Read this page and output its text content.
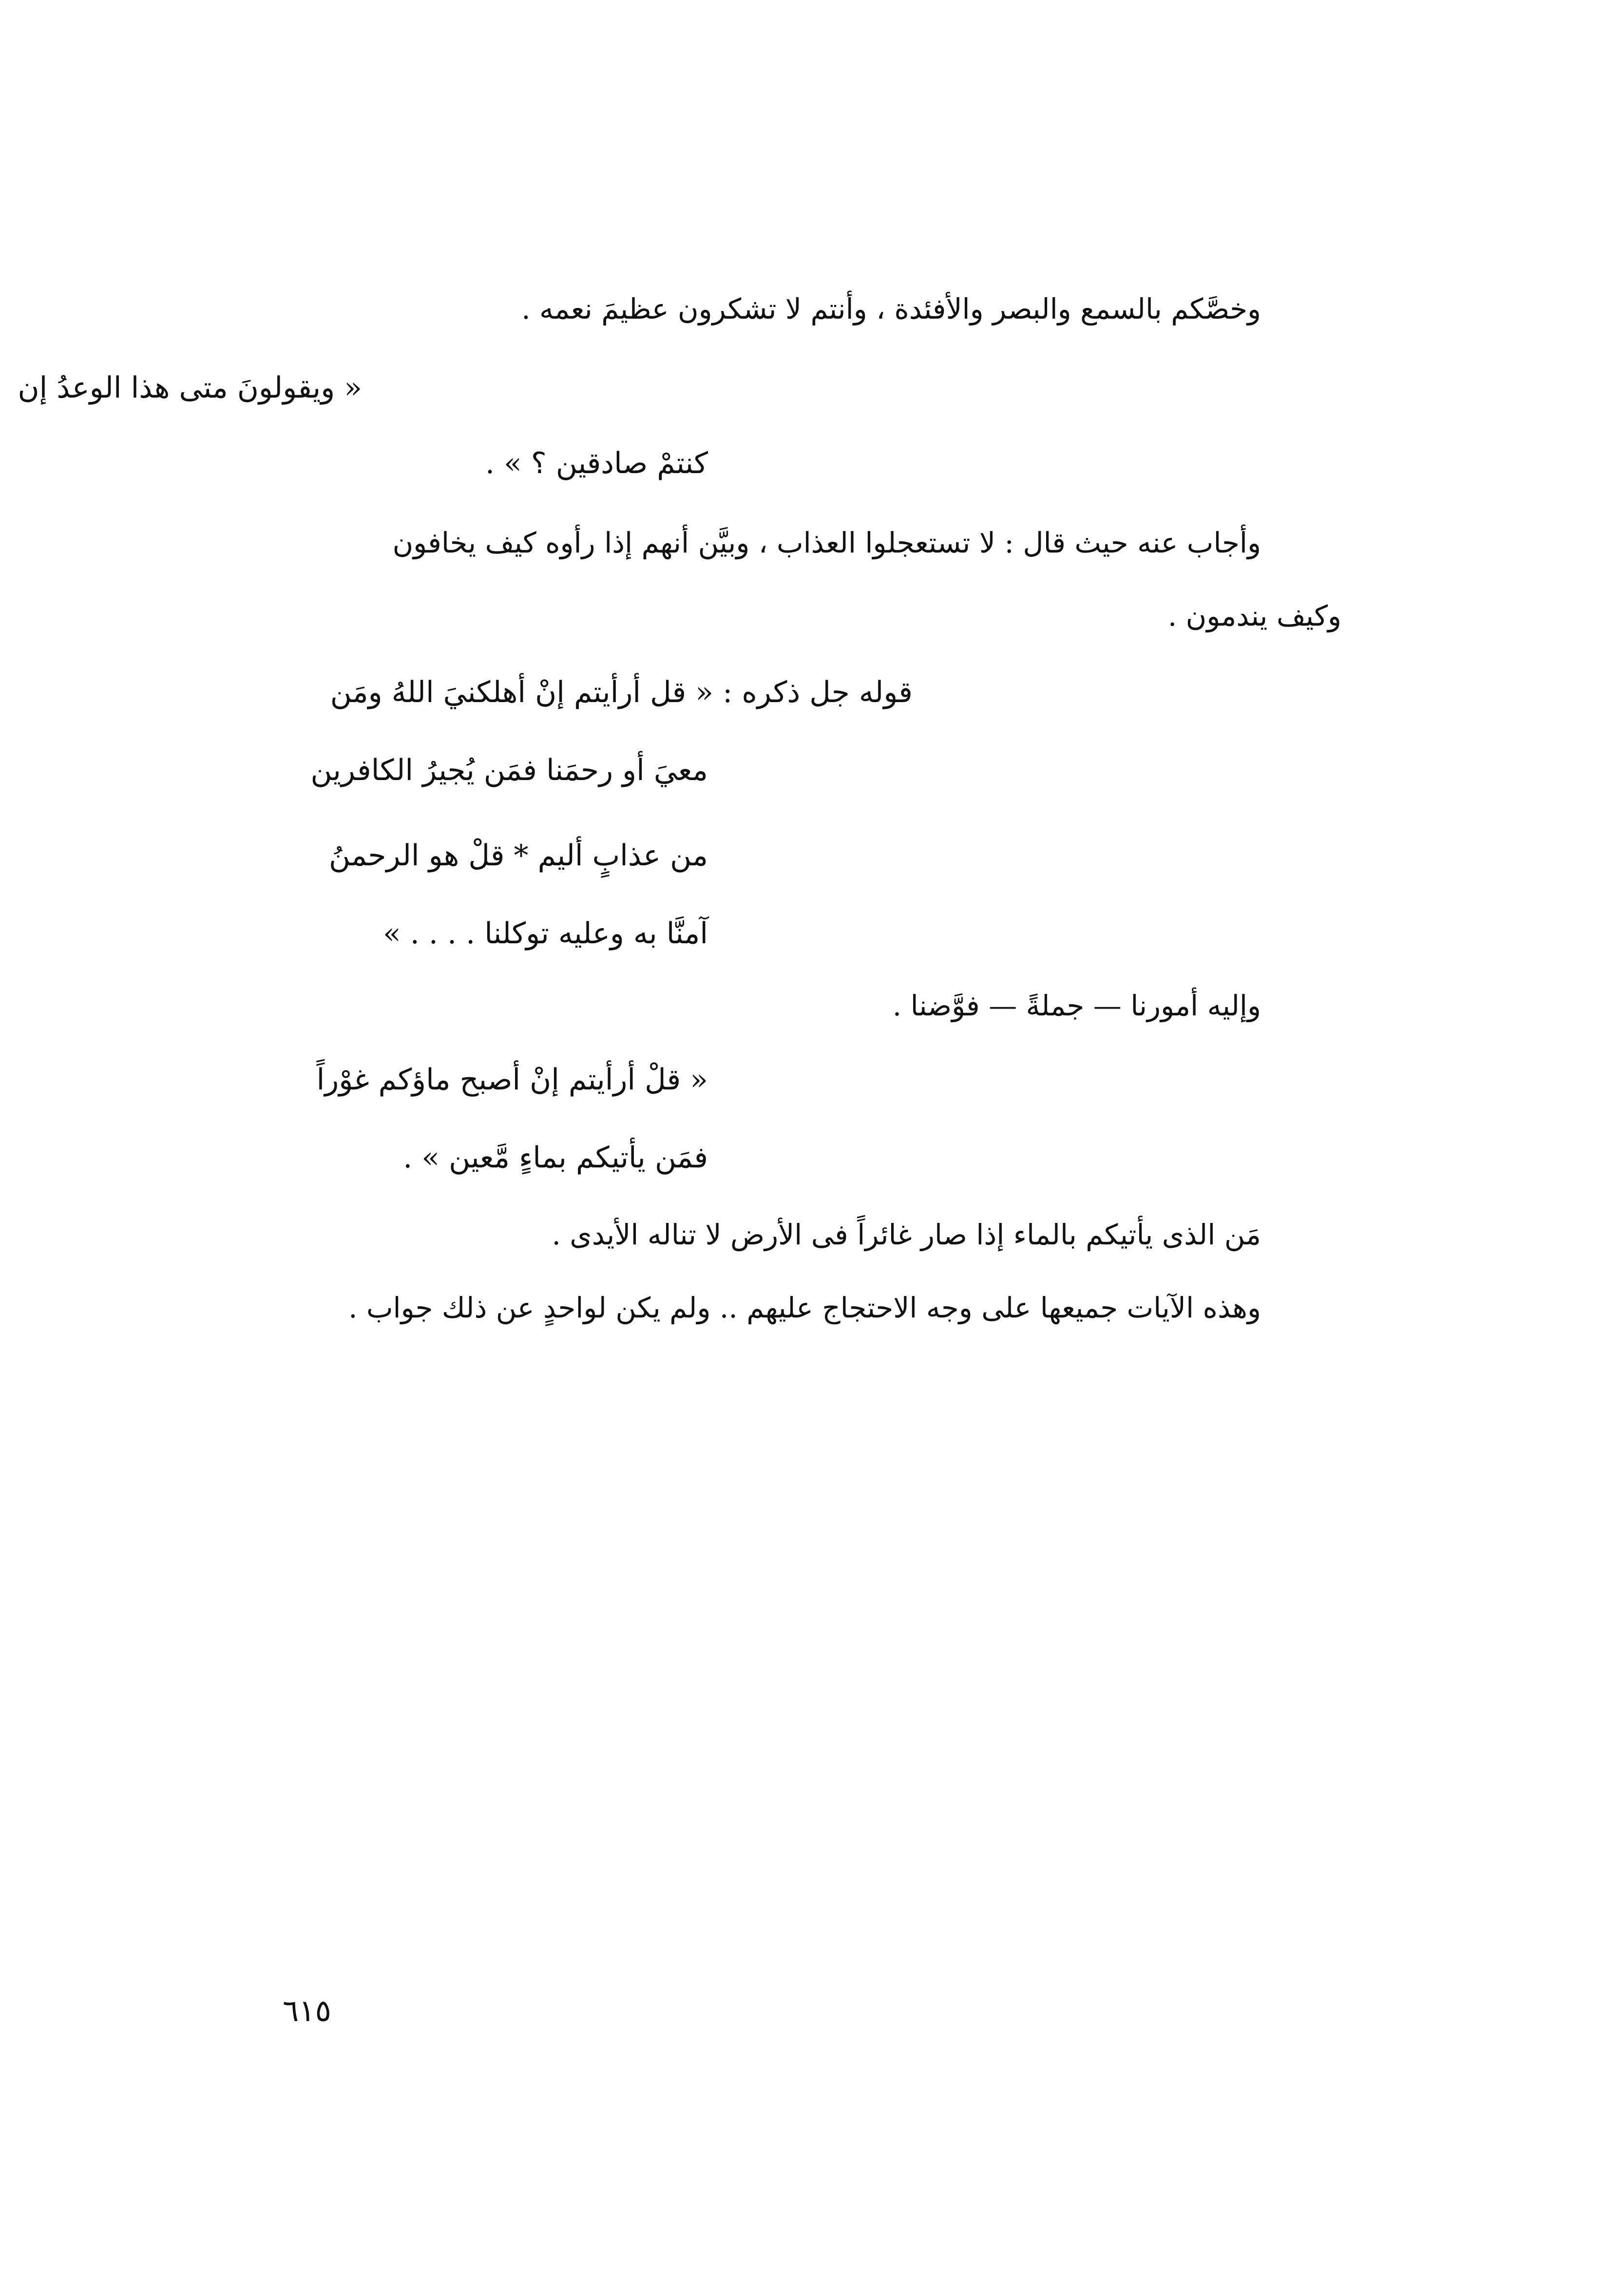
وخصَّكم بالسمع والبصر والأفئدة ، وأنتم لا تشكرون عظيمَ نعمه .
« ويقولونَ متى هذا الوعدُ إن
كنتمْ صادقين ؟ » .
وأجاب عنه حيث قال : لا تستعجلوا العذاب ، وبيَّن أنهم إذا رأوه كيف يخافون
وكيف يندمون .
قوله جل ذكره : « قل أرأيتم إنْ أهلكنيَ اللهُ ومَن
معيَ أو رحمَنا فمَن يُجيرُ الكافرين
من عذابٍ أليم * قلْ هو الرحمنُ
آمنَّا به وعليه توكلنا . . . . »
وإليه أمورنا — جملةً — فوَّضنا .
« قلْ أرأيتم إنْ أصبح ماؤكم غوْراً
فمَن يأتيكم بماءٍ مَّعين » .
مَن الذى يأتيكم بالماء إذا صار غائراً فى الأرض لا تناله الأيدى .
وهذه الآيات جميعها على وجه الاحتجاج عليهم .. ولم يكن لواحدٍ عن ذلك جواب .
٦١٥
